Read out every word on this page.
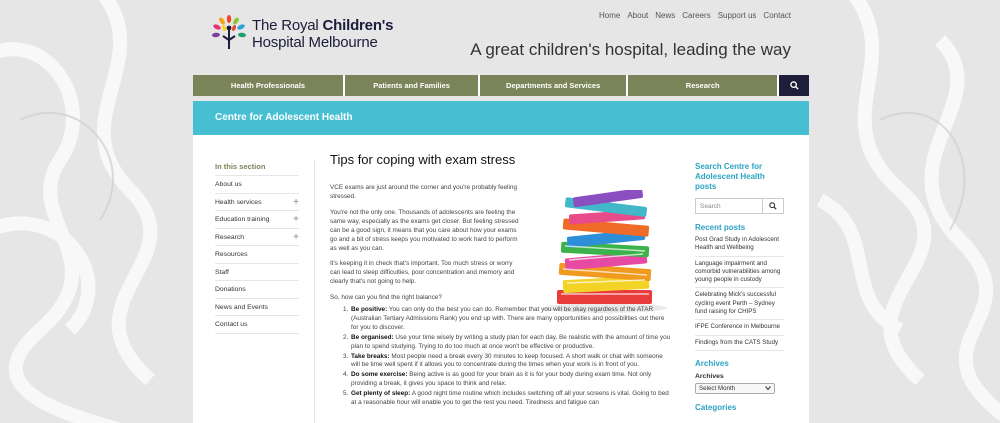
The Royal Children's
Hospital Melbourne
Home About News Careers Support us Contact
A great children's hospital, leading the way
Health Professionals	Patients and Families	Departments and Services	Research
Centre for Adolescent Health
In this section
About us
Health services	+
Education training +
Research	+
Resources
Staff
Donations
News and Events
Contact us
Tips for coping with exam stress

VCE exams are just around the corner and you're probably feeling stressed.

You're not the only one. Thousands of adolescents are feeling the same way, especially as the exams get closer. But feeling stressed can be a good sign, it means that you care about how your exams go and a bit of stress keeps you motivated to work hard to perform as well as you can.

It's keeping it in check that's important. Too much stress or worry can lead to sleep difficulties, poor concentration and memory and clearly that's not going to help.

So, how can you find the right balance?

1. Be positive: You can only do the best you can do. Remember that you will be okay regardless of the ATAR (Australian Tertiary Admissions Rank) you end up with. There are many opportunities and possibilities out there for you to discover.
2. Be organised: Use your time wisely by writing a study plan for each day. Be realistic with the amount of time you plan to spend studying. Trying to do too much at once won't be effective or productive.
3. Take breaks: Most people need a break every 30 minutes to keep focused. A short walk or chat with someone will be time well spent if it allows you to concentrate during the times when your work is in front of you.
4. Do some exercise: Being active is as good for your brain as it is for your body during exam time. Not only providing a break, it gives you space to think and relax.
5. Get plenty of sleep: A good night time routine which includes switching off all your screens is vital. Going to bed at a reasonable hour will enable you to get the rest you need. Tiredness and fatigue can
Search Centre for Adolescent Health posts
Search
Recent posts
Post Grad Study in Adolescent Health and Wellbeing
Language impairment and comorbid vulnerabilities among young people in custody
Celebrating Mick's successful cycling event Perth – Sydney fund raising for CHIPS
IFPE Conference in Melbourne
Findings from the CATS Study
Archives
Archives
Select Month
Categories
